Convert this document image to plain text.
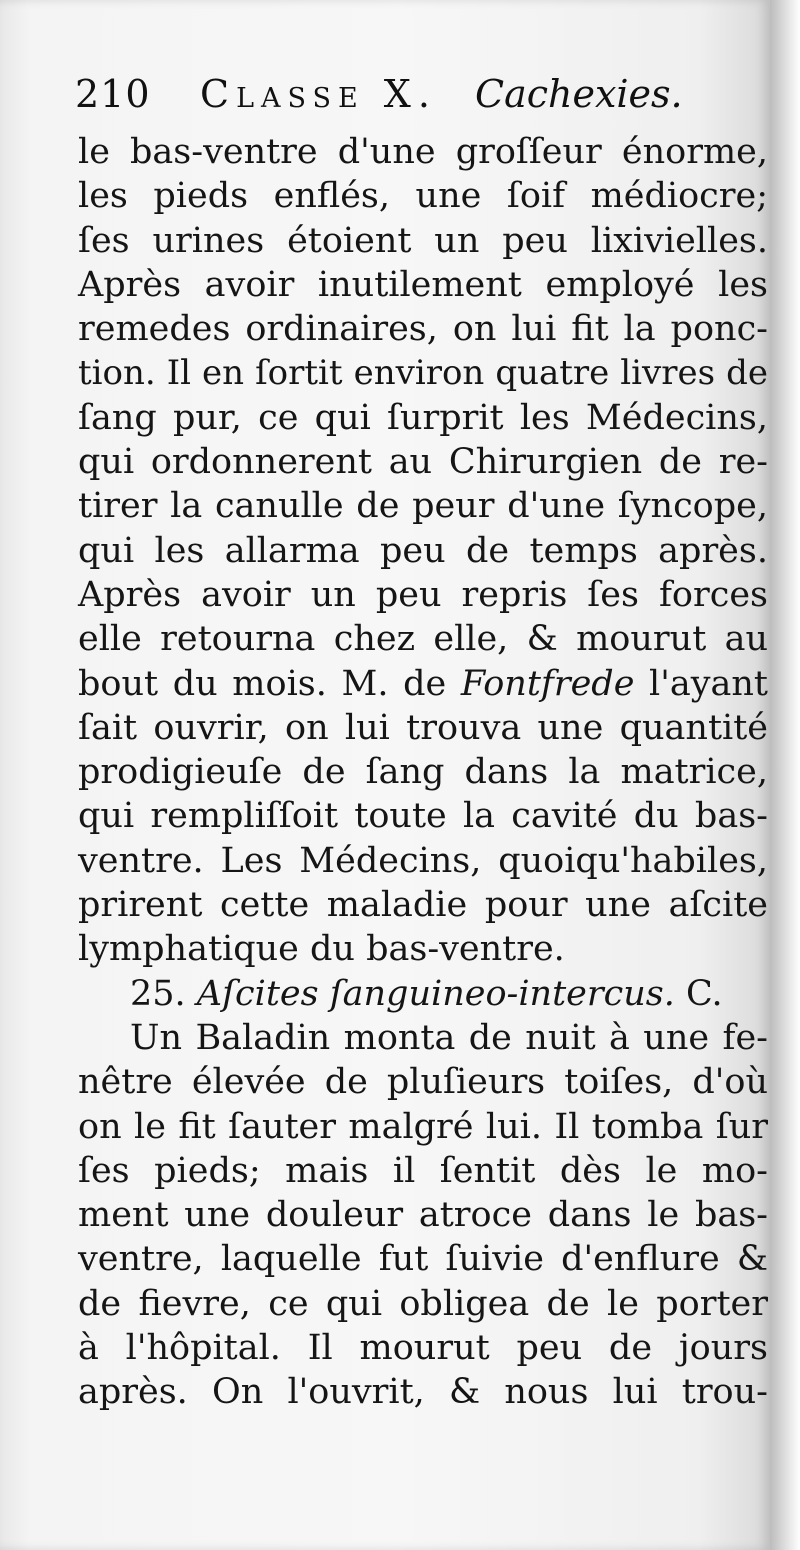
210 Classe X. Cachexies.
le bas-ventre d'une groſſeur énorme,
les pieds enflés, une ſoif médiocre;
ſes urines étoient un peu lixivielles.
Après avoir inutilement employé les
remedes ordinaires, on lui fit la ponc-
tion. Il en ſortit environ quatre livres de
ſang pur, ce qui ſurprit les Médecins,
qui ordonnerent au Chirurgien de re-
tirer la canulle de peur d'une ſyncope,
qui les allarma peu de temps après.
Après avoir un peu repris ſes forces
elle retourna chez elle, & mourut au
bout du mois. M. de Fontfrede l'ayant
ſait ouvrir, on lui trouva une quantité
prodigieuſe de ſang dans la matrice,
qui rempliſſoit toute la cavité du bas-
ventre. Les Médecins, quoiqu'habiles,
prirent cette maladie pour une aſcite
lymphatique du bas-ventre.
25. Aſcites ſanguineo-intercus. C.
Un Baladin monta de nuit à une fe-
nêtre élevée de pluſieurs toiſes, d'où
on le fit ſauter malgré lui. Il tomba ſur
ſes pieds; mais il ſentit dès le mo-
ment une douleur atroce dans le bas-
ventre, laquelle fut ſuivie d'enflure &
de fievre, ce qui obligea de le porter
à l'hôpital. Il mourut peu de jours
après. On l'ouvrit, & nous lui trou-
